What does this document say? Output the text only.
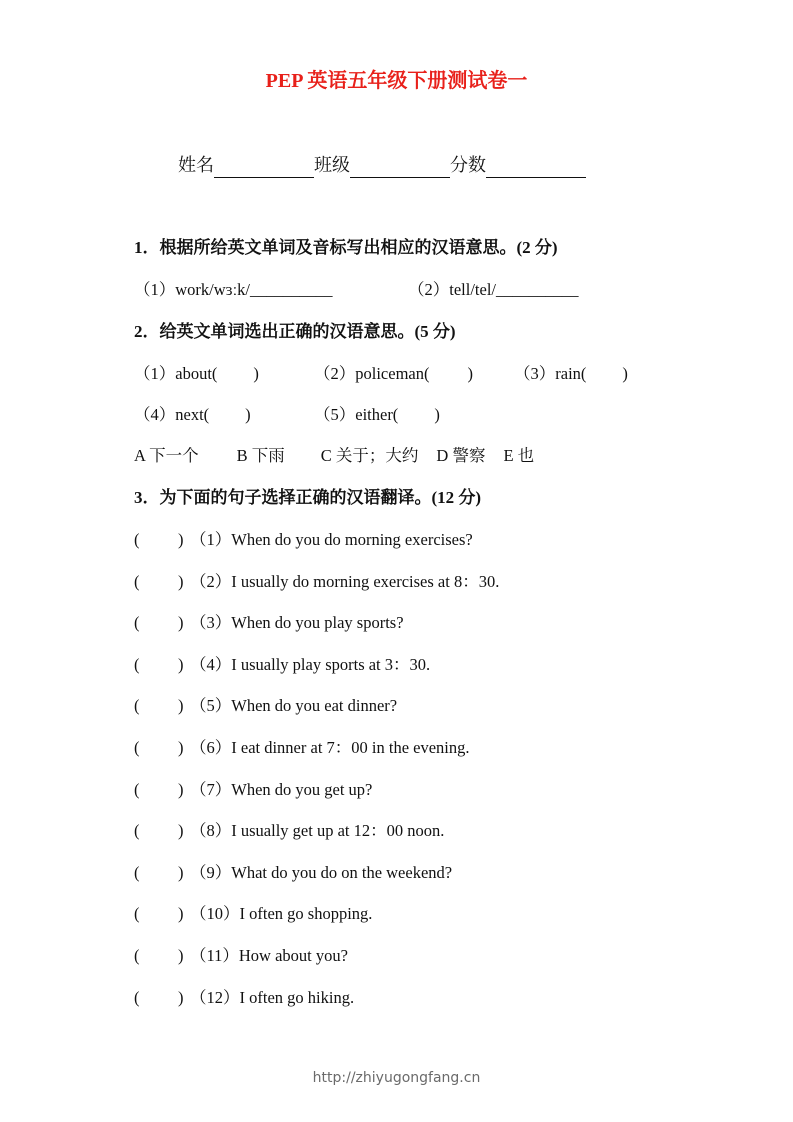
PEP 英语五年级下册测试卷一
姓名	班级	分数
1．根据所给英文单词及音标写出相应的汉语意思。(2 分)
（1）work/wɜːk/__________	（2）tell/tel/__________
2．给英文单词选出正确的汉语意思。(5 分)
（1）about( )	（2）policeman( ) （3）rain( )
（4）next( )	（5）either( )
A 下一个 B 下雨 C 关于；大约 D 警察 E 也
3．为下面的句子选择正确的汉语翻译。(12 分)
( ) （1）When do you do morning exercises?
( ) （2）I usually do morning exercises at 8：30.
( ) （3）When do you play sports?
( ) （4）I usually play sports at 3：30.
( ) （5）When do you eat dinner?
( ) （6）I eat dinner at 7：00 in the evening.
( ) （7）When do you get up?
( ) （8）I usually get up at 12：00 noon.
( ) （9）What do you do on the weekend?
( ) （10）I often go shopping.
( ) （11）How about you?
( ) （12）I often go hiking.
http://zhiyugongfang.cn
